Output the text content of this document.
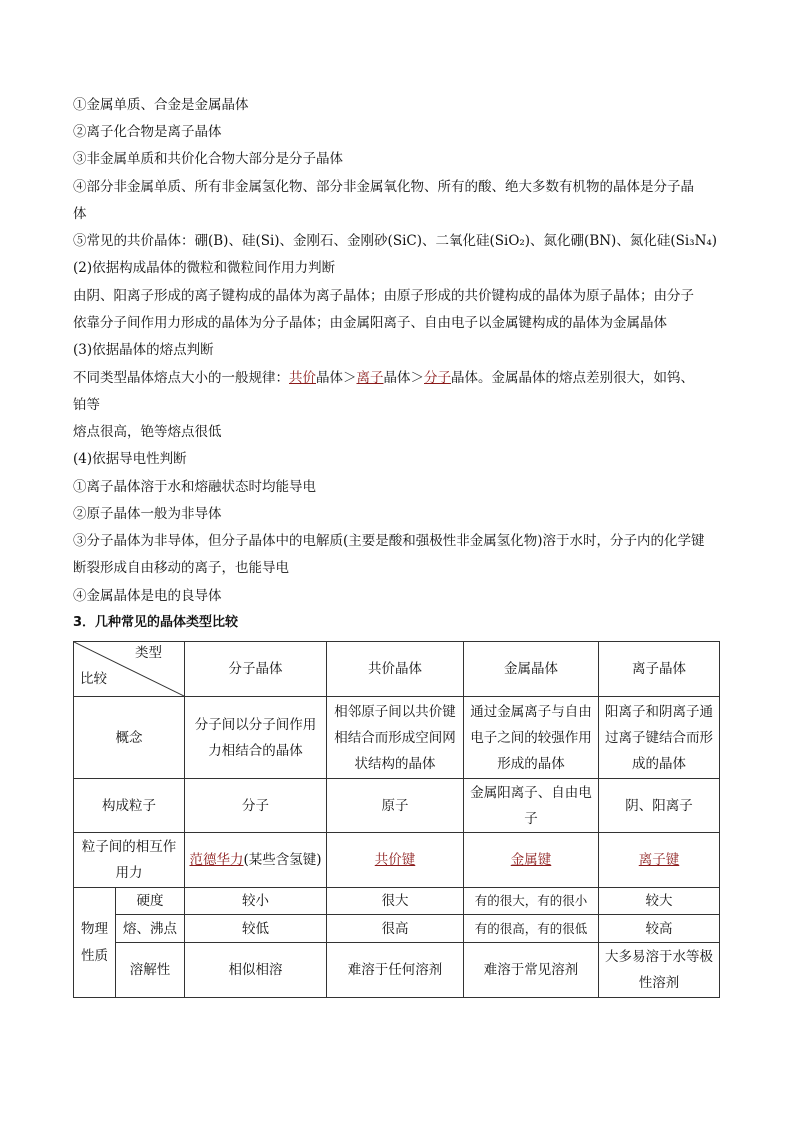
①金属单质、合金是金属晶体
②离子化合物是离子晶体
③非金属单质和共价化合物大部分是分子晶体
④部分非金属单质、所有非金属氢化物、部分非金属氧化物、所有的酸、绝大多数有机物的晶体是分子晶
体
⑤常见的共价晶体：硼(B)、硅(Si)、金刚石、金刚砂(SiC)、二氧化硅(SiO₂)、氮化硼(BN)、氮化硅(Si₃N₄)
(2)依据构成晶体的微粒和微粒间作用力判断
由阴、阳离子形成的离子键构成的晶体为离子晶体；由原子形成的共价键构成的晶体为原子晶体；由分子
依靠分子间作用力形成的晶体为分子晶体；由金属阳离子、自由电子以金属键构成的晶体为金属晶体
(3)依据晶体的熔点判断
不同类型晶体熔点大小的一般规律：共价晶体＞离子晶体＞分子晶体。金属晶体的熔点差别很大，如钨、
铂等
熔点很高，铯等熔点很低
(4)依据导电性判断
①离子晶体溶于水和熔融状态时均能导电
②原子晶体一般为非导体
③分子晶体为非导体，但分子晶体中的电解质(主要是酸和强极性非金属氢化物)溶于水时，分子内的化学键
断裂形成自由移动的离子，也能导电
④金属晶体是电的良导体
3．几种常见的晶体类型比较
类型
比较		分子晶体	共价晶体	金属晶体	离子晶体
概念		分子间以分子间作用力相结合的晶体	相邻原子间以共价键相结合而形成空间网状结构的晶体	通过金属离子与自由电子之间的较强作用形成的晶体	阳离子和阴离子通过离子键结合而形成的晶体
构成粒子		分子	原子	金属阳离子、自由电子	阴、阳离子
粒子间的相互作用力		范德华力(某些含氢键)	共价键	金属键	离子键
物理性质	硬度	较小	很大	有的很大，有的很小	较大
	熔、沸点	较低	很高	有的很高，有的很低	较高
	溶解性	相似相溶	难溶于任何溶剂	难溶于常见溶剂	大多易溶于水等极性溶剂
